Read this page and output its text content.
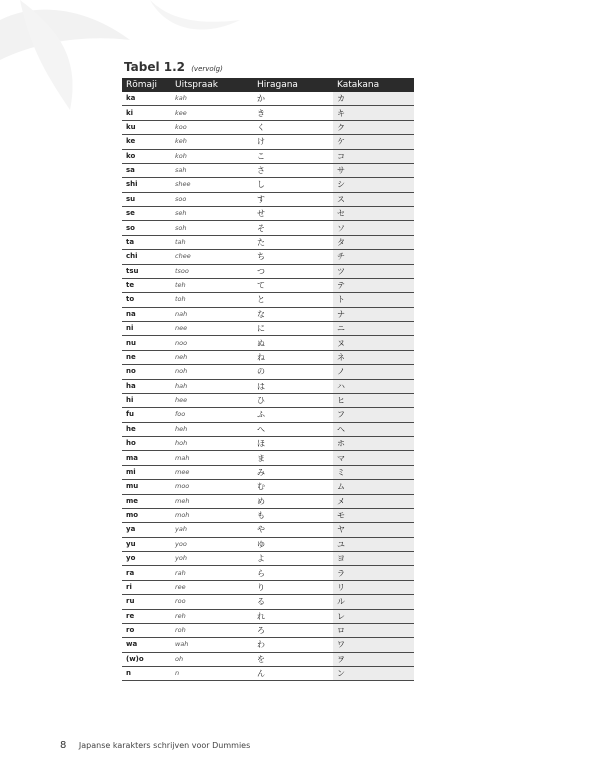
Tabel 1.2 (vervolg)
Rōmaji	Uitspraak	Hiragana	Katakana
ka	kah	か	カ
ki	kee	き	キ
ku	koo	く	ク
ke	keh	け	ケ
ko	koh	こ	コ
sa	sah	さ	サ
shi	shee	し	シ
su	soo	す	ス
se	seh	せ	セ
so	soh	そ	ソ
ta	tah	た	タ
chi	chee	ち	チ
tsu	tsoo	つ	ツ
te	teh	て	テ
to	toh	と	ト
na	nah	な	ナ
ni	nee	に	ニ
nu	noo	ぬ	ヌ
ne	neh	ね	ネ
no	noh	の	ノ
ha	hah	は	ハ
hi	hee	ひ	ヒ
fu	foo	ふ	フ
he	heh	へ	ヘ
ho	hoh	ほ	ホ
ma	mah	ま	マ
mi	mee	み	ミ
mu	moo	む	ム
me	meh	め	メ
mo	moh	も	モ
ya	yah	や	ヤ
yu	yoo	ゆ	ユ
yo	yoh	よ	ヨ
ra	rah	ら	ラ
ri	ree	り	リ
ru	roo	る	ル
re	reh	れ	レ
ro	roh	ろ	ロ
wa	wah	わ	ワ
(w)o	oh	を	ヲ
n	n	ん	ン
8 Japanse karakters schrijven voor Dummies
